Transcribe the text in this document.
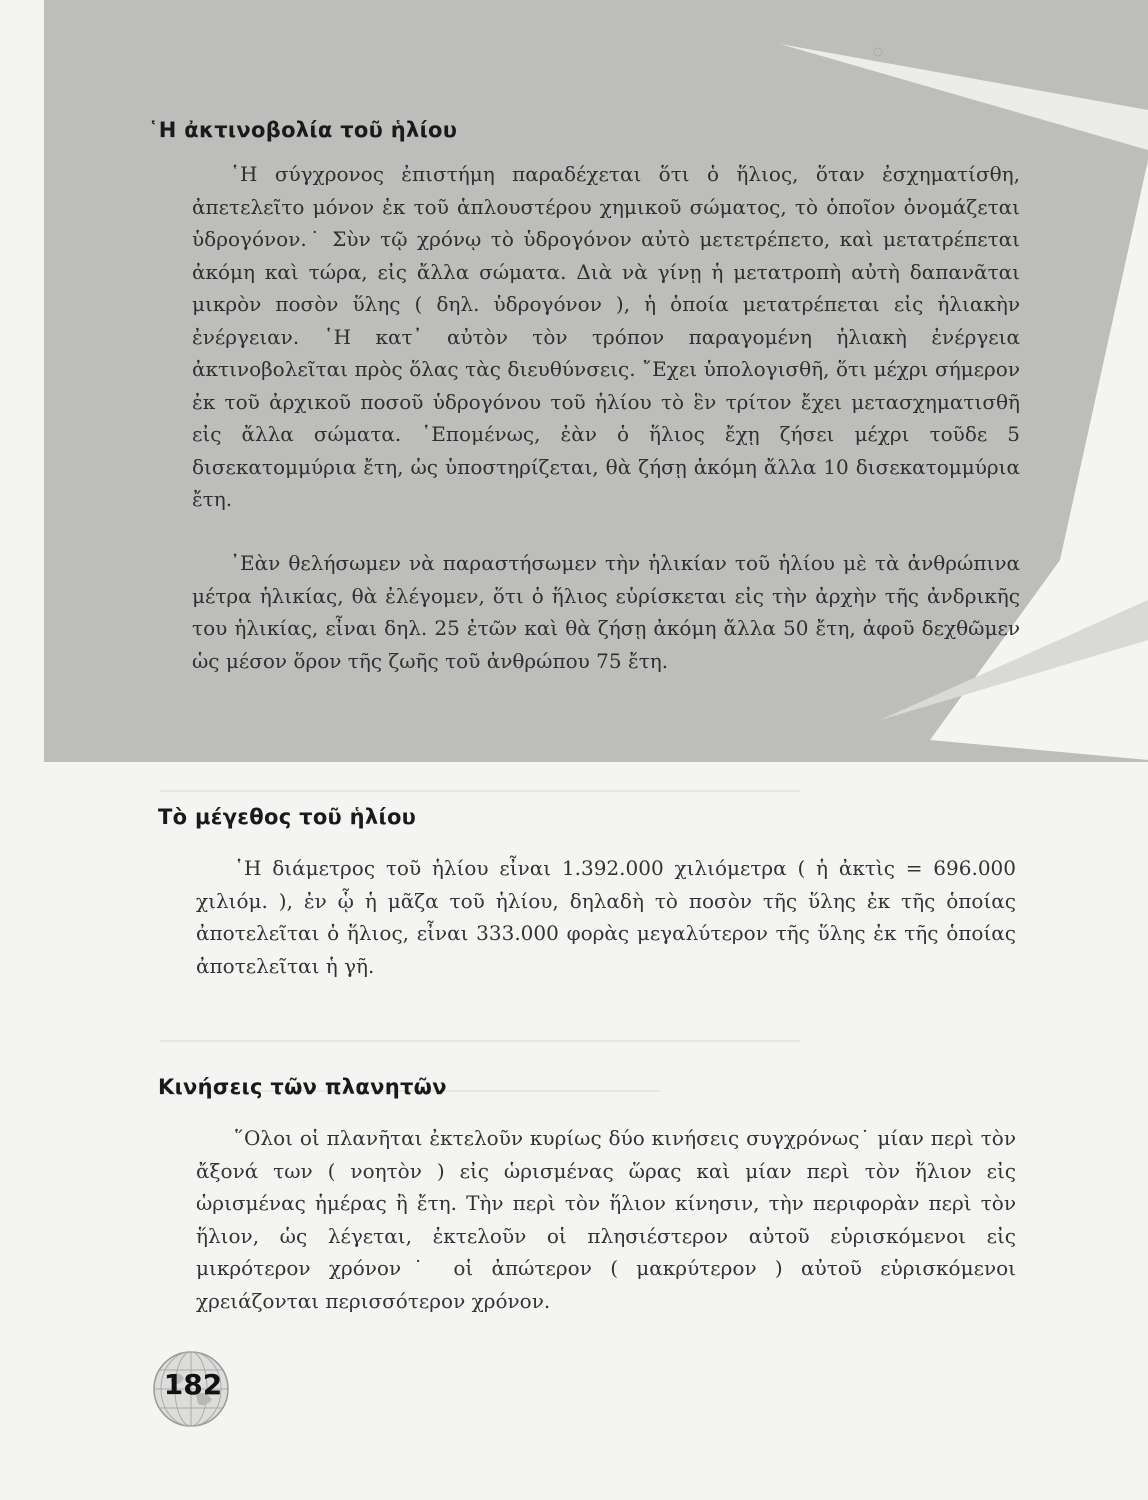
῾Η ἀκτινοβολία τοῦ ἡλίου

῾Η σύγχρονος ἐπιστήμη παραδέχεται ὅτι ὁ ἥλιος, ὅταν ἐσχηματίσθη, ἀπετελεῖτο μόνον ἐκ τοῦ ἁπλουστέρου χημικοῦ σώματος, τὸ ὁποῖον ὀνομάζεται ὑδρογόνον.˙ Σὺν τῷ χρόνῳ τὸ ὑδρογόνον αὐτὸ μετετρέπετο, καὶ μετατρέπεται ἀκόμη καὶ τώρα, εἰς ἄλλα σώματα. Διὰ νὰ γίνῃ ἡ μετατροπὴ αὐτὴ δαπανᾶται μικρὸν ποσὸν ὕλης ( δηλ. ὑδρογόνον ), ἡ ὁποία μετατρέπεται εἰς ἡλιακὴν ἐνέργειαν. ῾Η κατ᾿ αὐτὸν τὸν τρόπον παραγομένη ἡλιακὴ ἐνέργεια ἀκτινοβολεῖται πρὸς ὅλας τὰς διευθύνσεις. ῎Εχει ὑπολογισθῆ, ὅτι μέχρι σήμερον ἐκ τοῦ ἀρχικοῦ ποσοῦ ὑδρογόνου τοῦ ἡλίου τὸ ἓν τρίτον ἔχει μετασχηματισθῆ εἰς ἄλλα σώματα. ῾Επομένως, ἐὰν ὁ ἥλιος ἔχῃ ζήσει μέχρι τοῦδε 5 δισεκατομμύρια ἔτη, ὡς ὑποστηρίζεται, θὰ ζήσῃ ἀκόμη ἄλλα 10 δισεκατομμύρια ἔτη.

᾿Εὰν θελήσωμεν νὰ παραστήσωμεν τὴν ἡλικίαν τοῦ ἡλίου μὲ τὰ ἀνθρώπινα μέτρα ἡλικίας, θὰ ἐλέγομεν, ὅτι ὁ ἥλιος εὑρίσκεται εἰς τὴν ἀρχὴν τῆς ἀνδρικῆς του ἡλικίας, εἶναι δηλ. 25 ἐτῶν καὶ θὰ ζήσῃ ἀκόμη ἄλλα 50 ἔτη, ἀφοῦ δεχθῶμεν ὡς μέσον ὅρον τῆς ζωῆς τοῦ ἀνθρώπου 75 ἔτη.

Τὸ μέγεθος τοῦ ἡλίου

῾Η διάμετρος τοῦ ἡλίου εἶναι 1.392.000 χιλιόμετρα ( ἡ ἀκτὶς = 696.000 χιλιόμ. ), ἐν ᾧ ἡ μᾶζα τοῦ ἡλίου, δηλαδὴ τὸ ποσὸν τῆς ὕλης ἐκ τῆς ὁποίας ἀποτελεῖται ὁ ἥλιος, εἶναι 333.000 φορὰς μεγαλύτερον τῆς ὕλης ἐκ τῆς ὁποίας ἀποτελεῖται ἡ γῆ.

Κινήσεις τῶν πλανητῶν

῞Ολοι οἱ πλανῆται ἐκτελοῦν κυρίως δύο κινήσεις συγχρόνως˙ μίαν περὶ τὸν ἄξονά των ( νοητὸν ) εἰς ὡρισμένας ὥρας καὶ μίαν περὶ τὸν ἥλιον εἰς ὡρισμένας ἡμέρας ἢ ἔτη. Τὴν περὶ τὸν ἥλιον κίνησιν, τὴν περιφορὰν περὶ τὸν ἥλιον, ὡς λέγεται, ἐκτελοῦν οἱ πλησιέστερον αὐτοῦ εὑρισκόμενοι εἰς μικρότερον χρόνον˙ οἱ ἀπώτερον ( μακρύτερον ) αὐτοῦ εὑρισκόμενοι χρειάζονται περισσότερον χρόνον.

182
